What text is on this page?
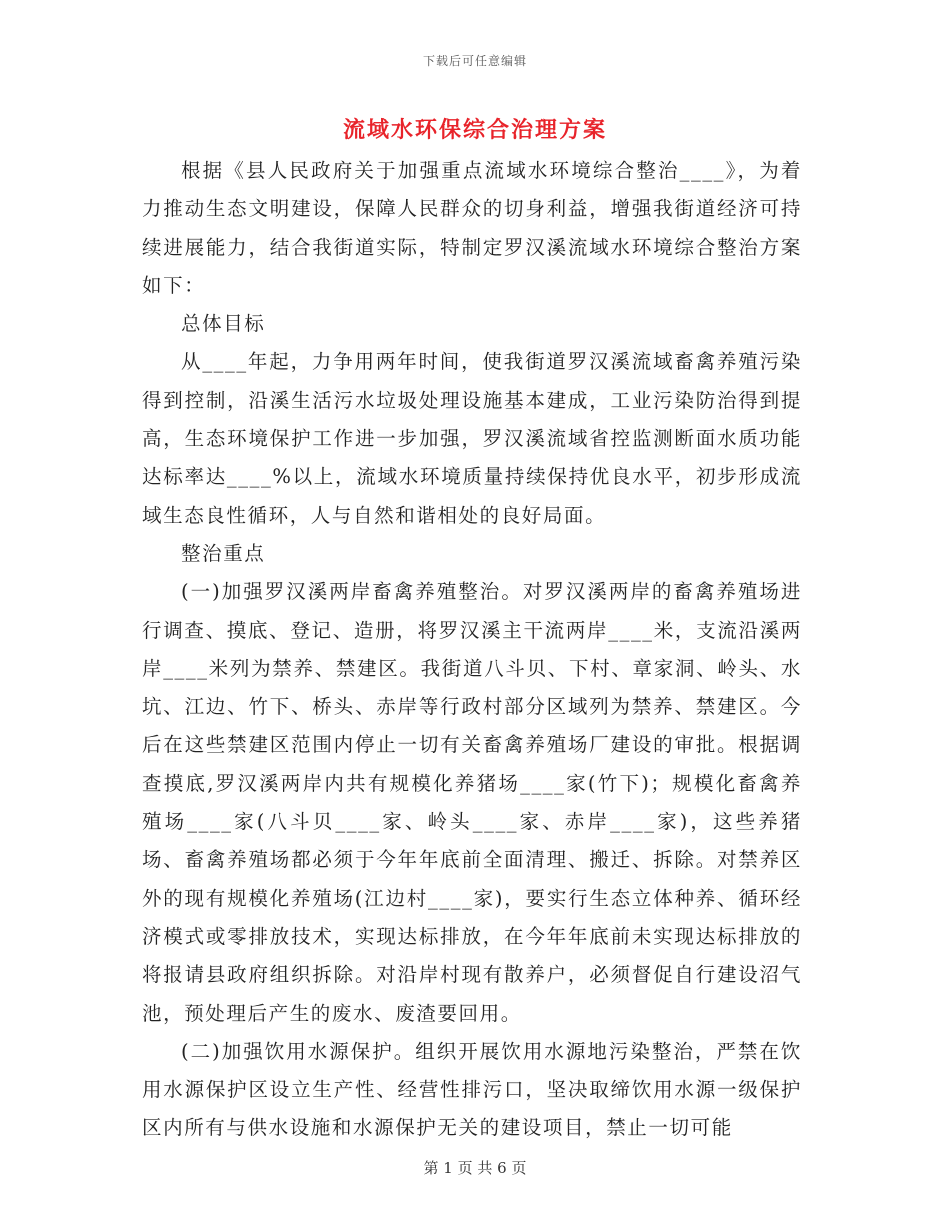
下载后可任意编辑
流域水环保综合治理方案

根据《县人民政府关于加强重点流域水环境综合整治____》，为着力推动生态文明建设，保障人民群众的切身利益，增强我街道经济可持续进展能力，结合我街道实际，特制定罗汉溪流域水环境综合整治方案如下：

总体目标

从____年起，力争用两年时间，使我街道罗汉溪流域畜禽养殖污染得到控制，沿溪生活污水垃圾处理设施基本建成，工业污染防治得到提高，生态环境保护工作进一步加强，罗汉溪流域省控监测断面水质功能达标率达____%以上，流域水环境质量持续保持优良水平，初步形成流域生态良性循环，人与自然和谐相处的良好局面。

整治重点

(一)加强罗汉溪两岸畜禽养殖整治。对罗汉溪两岸的畜禽养殖场进行调查、摸底、登记、造册，将罗汉溪主干流两岸____米，支流沿溪两岸____米列为禁养、禁建区。我街道八斗贝、下村、章家洞、岭头、水坑、江边、竹下、桥头、赤岸等行政村部分区域列为禁养、禁建区。今后在这些禁建区范围内停止一切有关畜禽养殖场厂建设的审批。根据调查摸底,罗汉溪两岸内共有规模化养猪场____家(竹下)；规模化畜禽养殖场____家(八斗贝____家、岭头____家、赤岸____家)，这些养猪场、畜禽养殖场都必须于今年年底前全面清理、搬迁、拆除。对禁养区外的现有规模化养殖场(江边村____家)，要实行生态立体种养、循环经济模式或零排放技术，实现达标排放，在今年年底前未实现达标排放的将报请县政府组织拆除。对沿岸村现有散养户，必须督促自行建设沼气池，预处理后产生的废水、废渣要回用。

(二)加强饮用水源保护。组织开展饮用水源地污染整治，严禁在饮用水源保护区设立生产性、经营性排污口，坚决取缔饮用水源一级保护区内所有与供水设施和水源保护无关的建设项目，禁止一切可能

第 1 页 共 6 页
